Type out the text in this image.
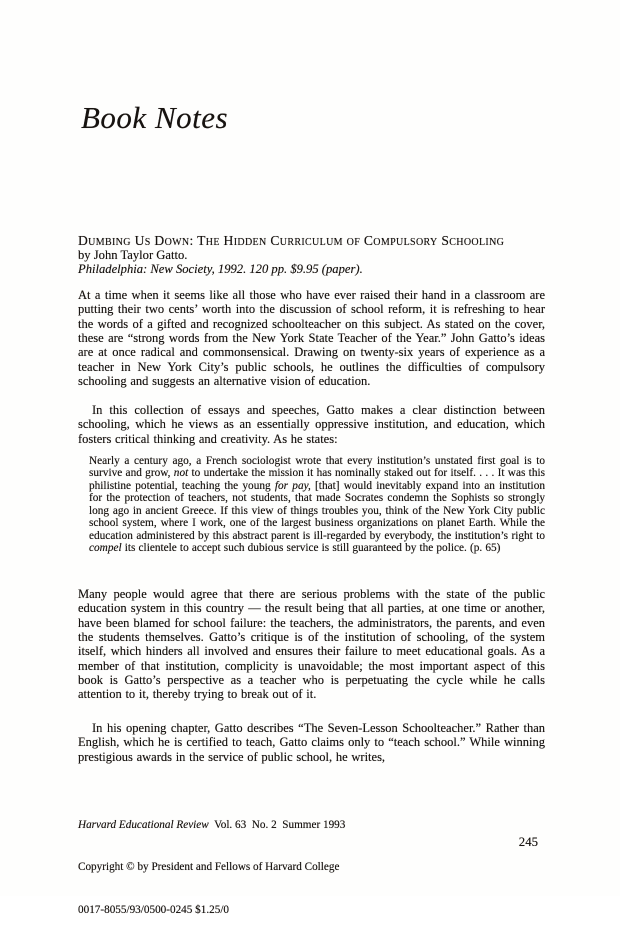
Book Notes
Dumbing Us Down: The Hidden Curriculum of Compulsory Schooling
by John Taylor Gatto.
Philadelphia: New Society, 1992. 120 pp. $9.95 (paper).

At a time when it seems like all those who have ever raised their hand in a classroom are putting their two cents’ worth into the discussion of school reform, it is refreshing to hear the words of a gifted and recognized schoolteacher on this subject. As stated on the cover, these are “strong words from the New York State Teacher of the Year.” John Gatto’s ideas are at once radical and commonsensical. Drawing on twenty-six years of experience as a teacher in New York City’s public schools, he outlines the difficulties of compulsory schooling and suggests an alternative vision of education.

In this collection of essays and speeches, Gatto makes a clear distinction between schooling, which he views as an essentially oppressive institution, and education, which fosters critical thinking and creativity. As he states:

Nearly a century ago, a French sociologist wrote that every institution’s unstated first goal is to survive and grow, not to undertake the mission it has nominally staked out for itself. . . . It was this philistine potential, teaching the young for pay, [that] would inevitably expand into an institution for the protection of teachers, not students, that made Socrates condemn the Sophists so strongly long ago in ancient Greece. If this view of things troubles you, think of the New York City public school system, where I work, one of the largest business organizations on planet Earth. While the education administered by this abstract parent is ill-regarded by everybody, the institution’s right to compel its clientele to accept such dubious service is still guaranteed by the police. (p. 65)

Many people would agree that there are serious problems with the state of the public education system in this country — the result being that all parties, at one time or another, have been blamed for school failure: the teachers, the administrators, the parents, and even the students themselves. Gatto’s critique is of the institution of schooling, of the system itself, which hinders all involved and ensures their failure to meet educational goals. As a member of that institution, complicity is unavoidable; the most important aspect of this book is Gatto’s perspective as a teacher who is perpetuating the cycle while he calls attention to it, thereby trying to break out of it.

In his opening chapter, Gatto describes “The Seven-Lesson Schoolteacher.” Rather than English, which he is certified to teach, Gatto claims only to “teach school.” While winning prestigious awards in the service of public school, he writes,

Harvard Educational Review  Vol. 63  No. 2  Summer 1993

Copyright © by President and Fellows of Harvard College

0017-8055/93/0500-0245 $1.25/0

245
